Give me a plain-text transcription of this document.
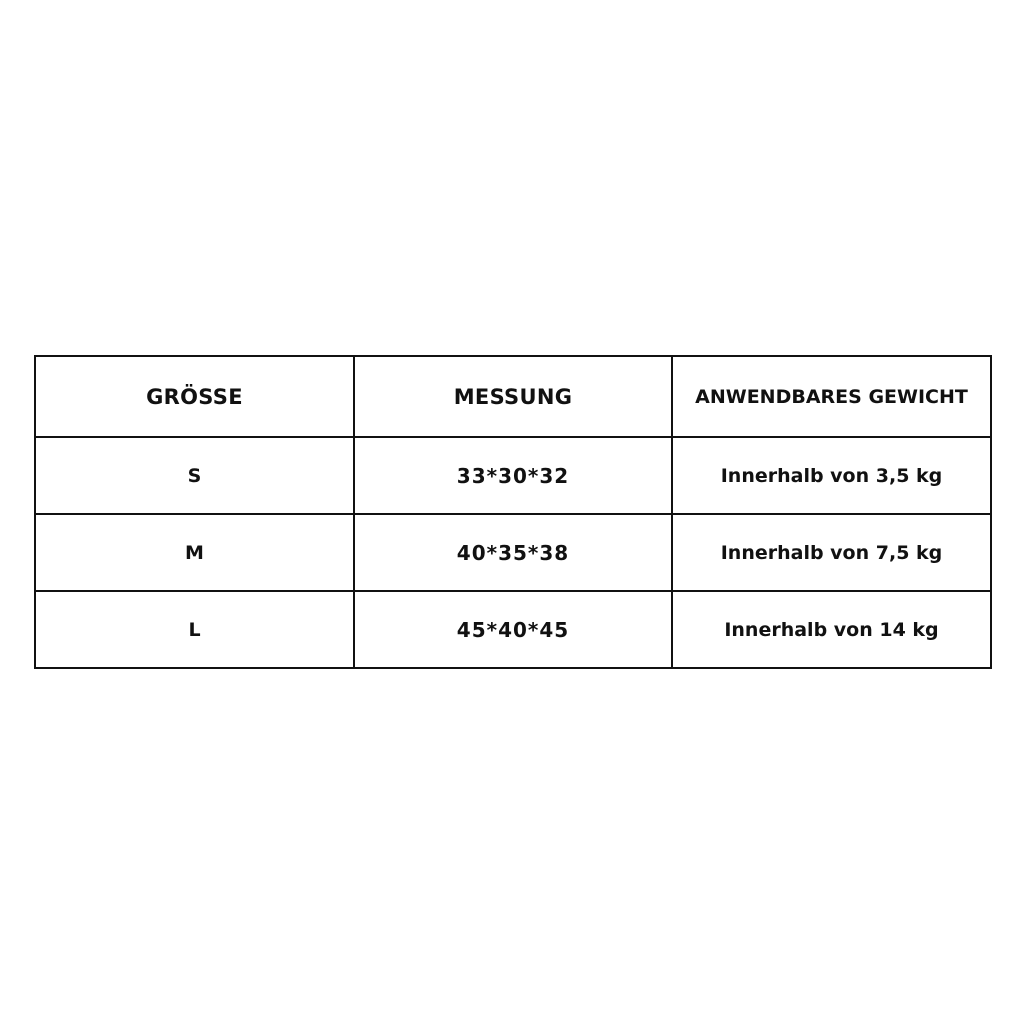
GRÖSSE	MESSUNG	ANWENDBARES GEWICHT
S	33*30*32	Innerhalb von 3,5 kg
M	40*35*38	Innerhalb von 7,5 kg
L	45*40*45	Innerhalb von 14 kg
